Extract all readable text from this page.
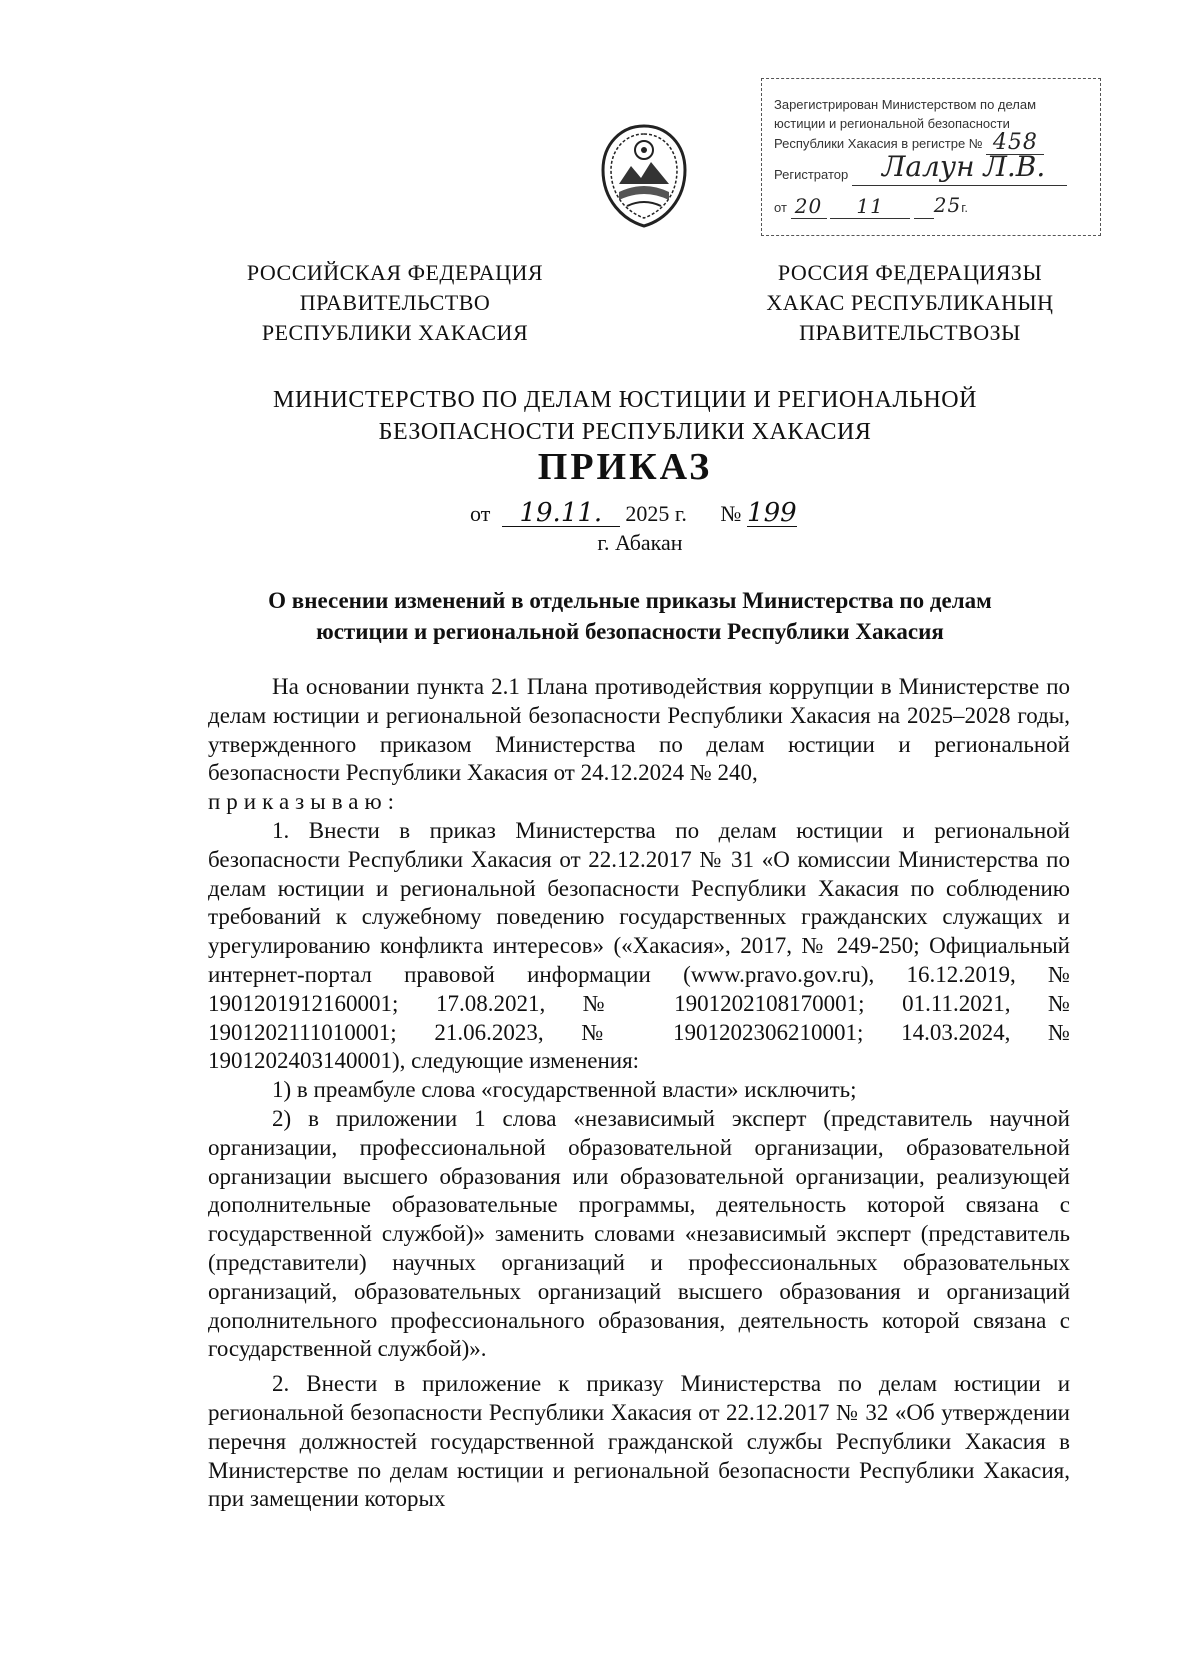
Зарегистрирован Министерством по делам
юстиции и региональной безопасности
Республики Хакасия в регистре № 458
Регистратор Лалун Л.В.
от 20 11 25г.
РОССИЙСКАЯ ФЕДЕРАЦИЯ
ПРАВИТЕЛЬСТВО
РЕСПУБЛИКИ ХАКАСИЯ
РОССИЯ ФЕДЕРАЦИЯЗЫ
ХАКАС РЕСПУБЛИКАНЫҢ
ПРАВИТЕЛЬСТВОЗЫ
МИНИСТЕРСТВО ПО ДЕЛАМ ЮСТИЦИИ И РЕГИОНАЛЬНОЙ
БЕЗОПАСНОСТИ РЕСПУБЛИКИ ХАКАСИЯ
ПРИКАЗ
от 19.11. 2025 г. № 199
г. Абакан
О внесении изменений в отдельные приказы Министерства по делам
юстиции и региональной безопасности Республики Хакасия

На основании пункта 2.1 Плана противодействия коррупции в Министерстве по делам юстиции и региональной безопасности Республики Хакасия на 2025–2028 годы, утвержденного приказом Министерства по делам юстиции и региональной безопасности Республики Хакасия от 24.12.2024 № 240,

приказываю:

1. Внести в приказ Министерства по делам юстиции и региональной безопасности Республики Хакасия от 22.12.2017 № 31 «О комиссии Министерства по делам юстиции и региональной безопасности Республики Хакасия по соблюдению требований к служебному поведению государственных гражданских служащих и урегулированию конфликта интересов» («Хакасия», 2017, № 249-250; Официальный интернет-портал правовой информации (www.pravo.gov.ru), 16.12.2019, № 1901201912160001; 17.08.2021, № 1901202108170001; 01.11.2021, № 1901202111010001; 21.06.2023, № 1901202306210001; 14.03.2024, № 1901202403140001), следующие изменения:

1) в преамбуле слова «государственной власти» исключить;

2) в приложении 1 слова «независимый эксперт (представитель научной организации, профессиональной образовательной организации, образовательной организации высшего образования или образовательной организации, реализующей дополнительные образовательные программы, деятельность которой связана с государственной службой)» заменить словами «независимый эксперт (представитель (представители) научных организаций и профессиональных образовательных организаций, образовательных организаций высшего образования и организаций дополнительного профессионального образования, деятельность которой связана с государственной службой)».

2. Внести в приложение к приказу Министерства по делам юстиции и региональной безопасности Республики Хакасия от 22.12.2017 № 32 «Об утверждении перечня должностей государственной гражданской службы Республики Хакасия в Министерстве по делам юстиции и региональной безопасности Республики Хакасия, при замещении которых
